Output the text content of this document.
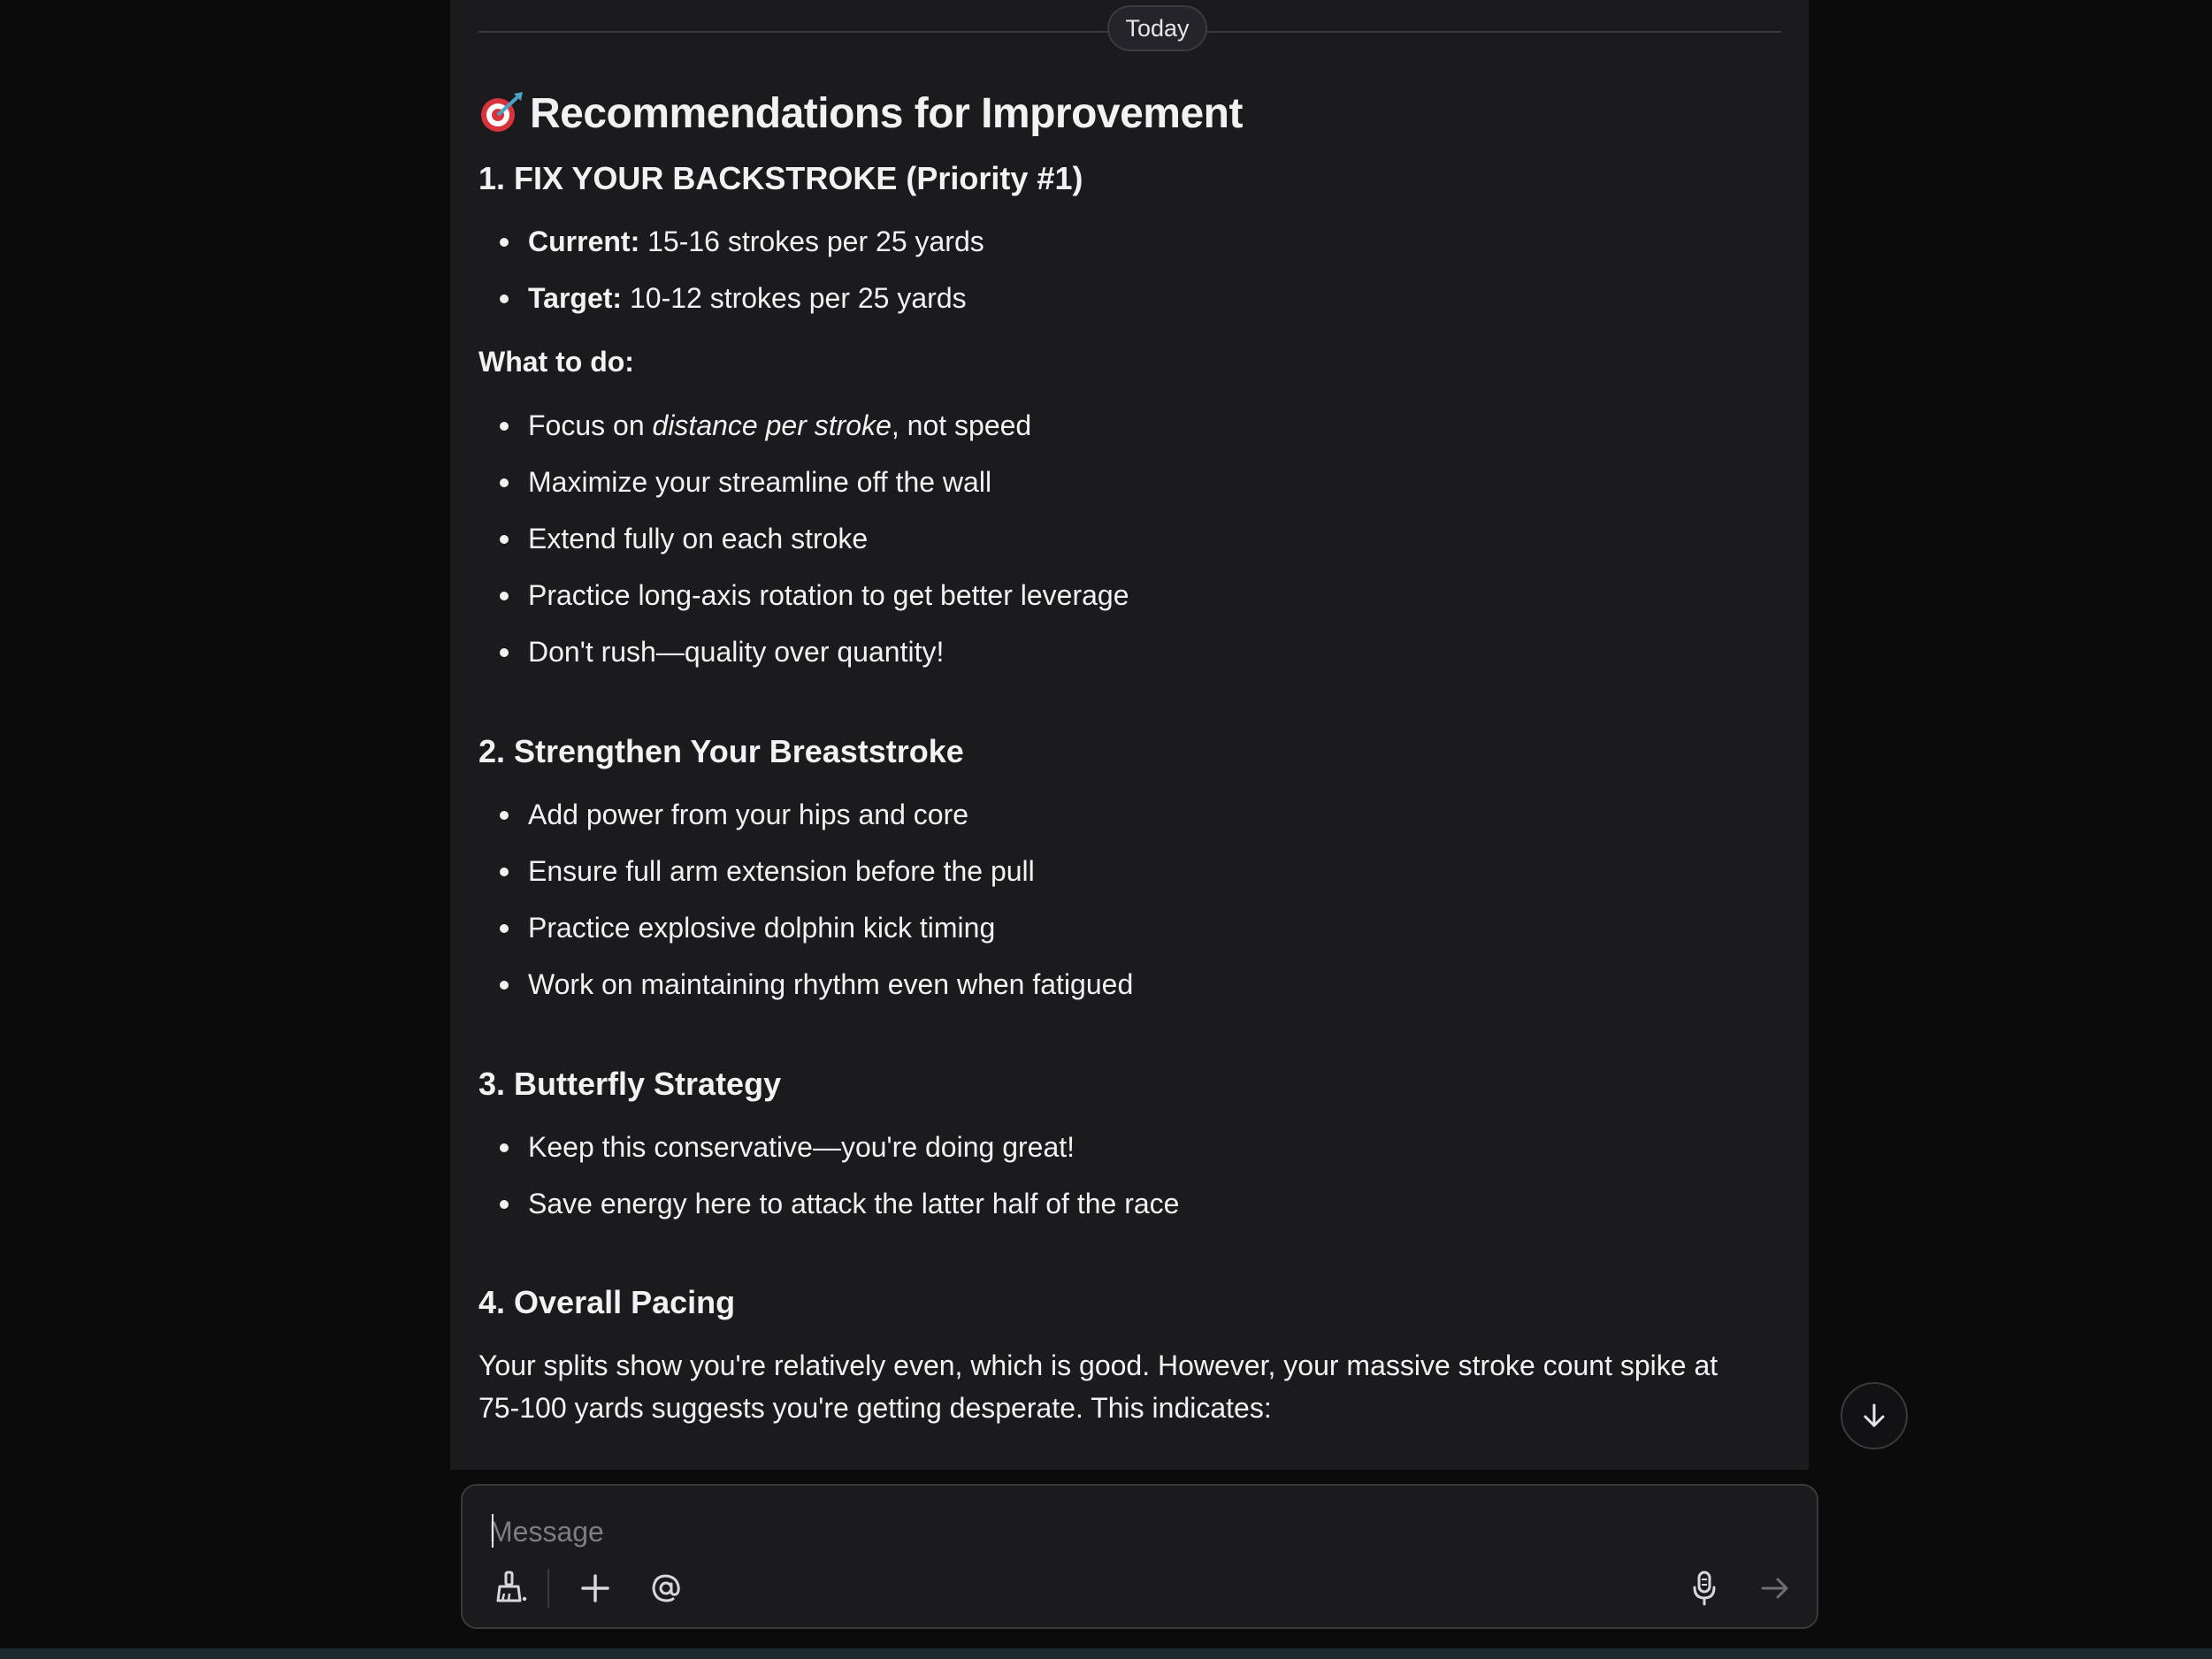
Today
Recommendations for Improvement
1. FIX YOUR BACKSTROKE (Priority #1)
Current: 15-16 strokes per 25 yards
Target: 10-12 strokes per 25 yards
What to do:
Focus on distance per stroke, not speed
Maximize your streamline off the wall
Extend fully on each stroke
Practice long-axis rotation to get better leverage
Don't rush—quality over quantity!
2. Strengthen Your Breaststroke
Add power from your hips and core
Ensure full arm extension before the pull
Practice explosive dolphin kick timing
Work on maintaining rhythm even when fatigued
3. Butterfly Strategy
Keep this conservative—you're doing great!
Save energy here to attack the latter half of the race
4. Overall Pacing
Your splits show you're relatively even, which is good. However, your massive stroke count spike at
75-100 yards suggests you're getting desperate. This indicates:
Message
